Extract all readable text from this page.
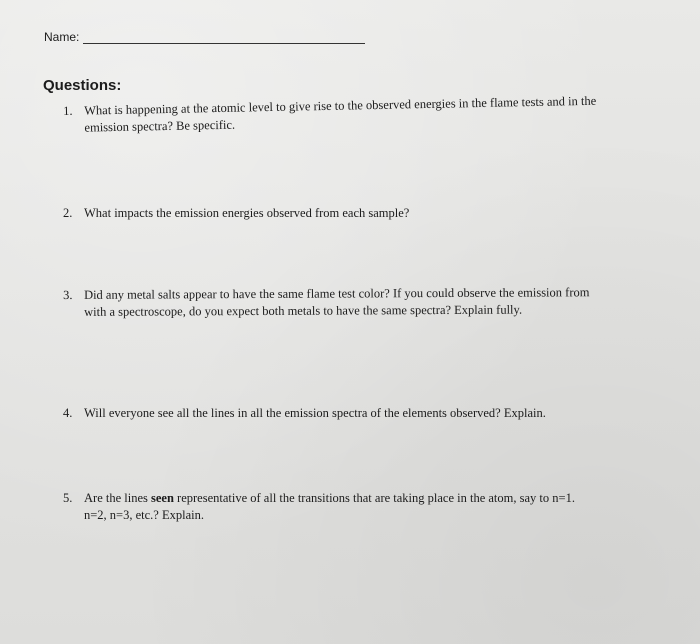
Name:
Questions:
1. What is happening at the atomic level to give rise to the observed energies in the flame tests and in the
emission spectra? Be specific.
2. What impacts the emission energies observed from each sample?
3. Did any metal salts appear to have the same flame test color? If you could observe the emission from
with a spectroscope, do you expect both metals to have the same spectra? Explain fully.
4. Will everyone see all the lines in all the emission spectra of the elements observed? Explain.
5. Are the lines seen representative of all the transitions that are taking place in the atom, say to n=1.
n=2, n=3, etc.? Explain.
